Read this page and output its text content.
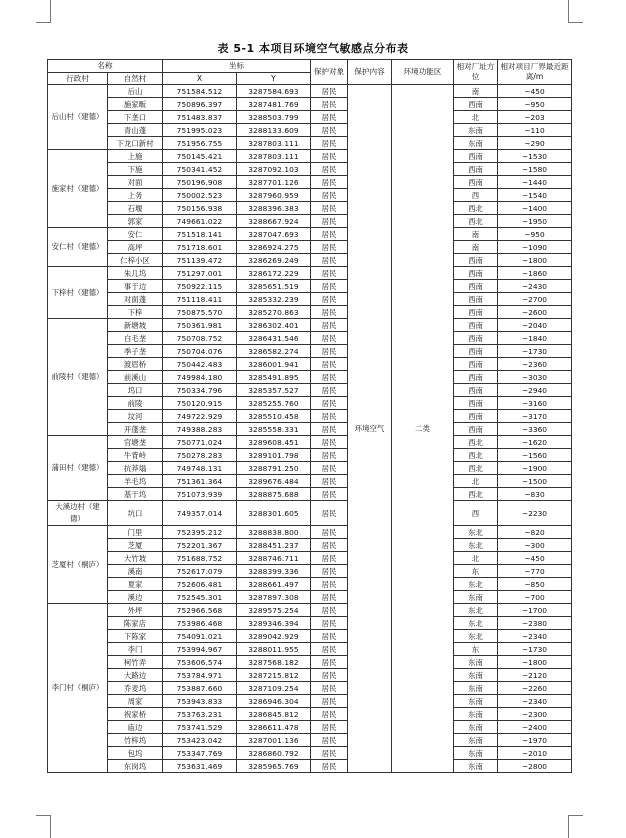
表 5-1 本项目环境空气敏感点分布表
名称		坐标		保护对象	保护内容	环境功能区	相对厂址方位	相对项目厂界最近距离/m
行政村	自然村	X	Y					
后山村（建德）	后山	751584.512	3287584.693	居民	环境空气	二类	南	~450
	施家畈	750896.397	3287481.769	居民			西南	~950
	下垄口	751483.837	3288503.799	居民			北	~203
	青山蓬	751995.023	3288133.609	居民			东南	~110
	下龙口新村	751956.755	3287803.111	居民			东南	~290
施家村（建德）	上施	750145.421	3287803.111	居民			西南	~1530
	下施	750341.452	3287092.103	居民			西南	~1580
	对面	750196.908	3287701.126	居民			西南	~1440
	上务	750002.523	3287960.959	居民			西	~1540
	石堰	750156.938	3288396.383	居民			西北	~1400
	郭家	749661.022	3288667.924	居民			西北	~1950
安仁村（建德）	安仁	751518.141	3287047.693	居民			南	~950
	高坪	751718.601	3286924.275	居民			南	~1090
	仁梓小区	751139.472	3286269.249	居民			西南	~1800
下梓村（建德）	朱几坞	751297.001	3286172.229	居民			西南	~1860
	事于边	750922.115	3285651.519	居民			西南	~2430
	对面蓬	751118.411	3285332.239	居民			西南	~2700
	下梓	750875.570	3285270.863	居民			西南	~2600
前陵村（建德）	新塘坡	750361.981	3286302.401	居民			西南	~2040
	白毛垄	750708.752	3286431.546	居民			西南	~1840
	季子垄	750704.076	3286582.274	居民			西南	~1730
	渡眉桥	750442.483	3286001.941	居民			西南	~2360
	前溪山	749984.180	3285491.895	居民			西南	~3030
	坞口	750334.796	3285357.527	居民			西南	~2940
	前陵	750120.915	3285255.760	居民			西南	~3160
	坟河	749722.929	3285510.458	居民			西南	~3170
	开蓬垄	749388.283	3285558.331	居民			西南	~3360
蒲田村（建德）	官塘垄	750771.024	3289608.451	居民			西北	~1620
	牛背岭	750278.283	3289101.798	居民			西北	~1560
	抗莽塌	749748.131	3288791.250	居民			西北	~1900
	羊毛坞	751361.364	3289676.484	居民			北	~1500
	基干坞	751073.939	3288875.688	居民			西北	~830
大溪边村（建德）	坑口	749357.014	3288301.605	居民			西	~2230
芝厦村（桐庐）	门里	752395.212	3288838.800	居民			东北	~820
	芝厦	752201.367	3288451.237	居民			东北	~300
	大竹坡	751688.752	3288746.711	居民			北	~450
	溪南	752617.079	3288399.336	居民			东	~770
	夏家	752606.481	3288661.497	居民			东北	~850
	溪边	752545.301	3287897.308	居民			东南	~700
李门村（桐庐）	外坪	752966.568	3289575.254	居民			东北	~1700
	陈家店	753986.468	3289346.394	居民			东北	~2380
	下陈家	754091.021	3289042.929	居民			东北	~2340
	李门	753994.967	3288011.955	居民			东	~1730
	柯竹弄	753606.574	3287568.182	居民			东南	~1800
	大路边	753784.971	3287215.812	居民			东南	~2120
	乔麦坞	753887.660	3287109.254	居民			东南	~2260
	周家	753943.833	3286946.304	居民			东南	~2340
	祝家桥	753763.231	3286845.812	居民			东南	~2300
	庙边	753741.529	3286611.478	居民			东南	~2400
	竹梓坞	753423.042	3287001.136	居民			东南	~1970
	包坞	753347.769	3286860.792	居民			东南	~2010
	东岗坞	753631.469	3285965.769	居民			东南	~2800
